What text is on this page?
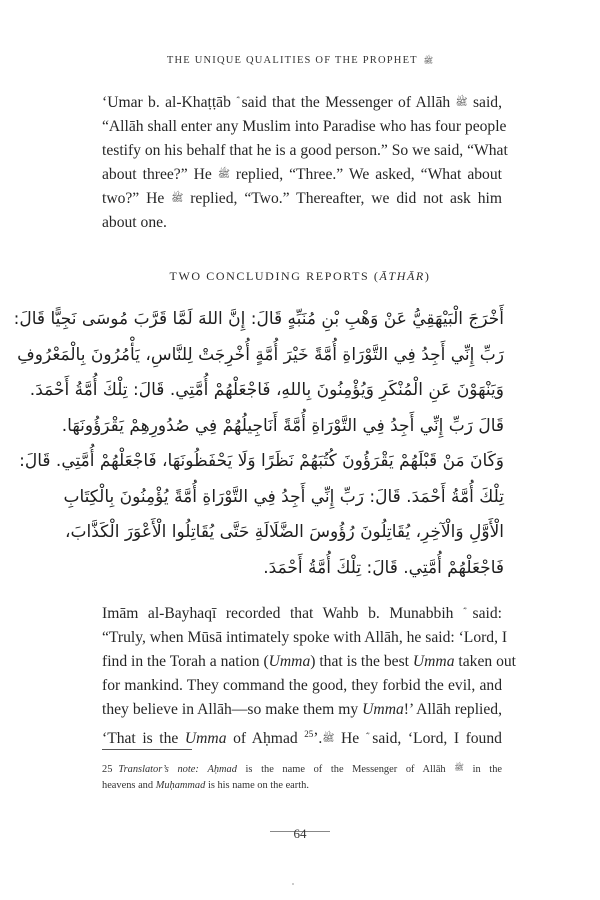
THE UNIQUE QUALITIES OF THE PROPHET ﷺ
‘Umar b. al-Khaṭṭāb said that the Messenger of Allāh ﷺ said,
“Allāh shall enter any Muslim into Paradise who has four people
testify on his behalf that he is a good person.” So we said, “What
about three?” He ﷺ replied, “Three.” We asked, “What about
two?” He ﷺ replied, “Two.” Thereafter, we did not ask him
about one.
TWO CONCLUDING REPORTS (ĀTHĀR)
أَخْرَجَ الْبَيْهَقِيُّ عَنْ وَهْبِ بْنِ مُنَبِّهٍ قَالَ: إِنَّ اللهَ لَمَّا قَرَّبَ مُوسَى نَجِيًّا قَالَ:
رَبِّ إِنِّي أَجِدُ فِي التَّوْرَاةِ أُمَّةً خَيْرَ أُمَّةٍ أُخْرِجَتْ لِلنَّاسِ، يَأْمُرُونَ بِالْمَعْرُوفِ
وَيَنْهَوْنَ عَنِ الْمُنْكَرِ وَيُؤْمِنُونَ بِاللهِ، فَاجْعَلْهُمْ أُمَّتِي. قَالَ: تِلْكَ أُمَّةُ أَحْمَدَ.
قَالَ رَبِّ إِنِّي أَجِدُ فِي التَّوْرَاةِ أُمَّةً أَنَاجِيلُهُمْ فِي صُدُورِهِمْ يَقْرَؤُونَهَا.
وَكَانَ مَنْ قَبْلَهُمْ يَقْرَؤُونَ كُتُبَهُمْ نَظَرًا وَلَا يَحْفَظُونَهَا، فَاجْعَلْهُمْ أُمَّتِي. قَالَ:
تِلْكَ أُمَّةُ أَحْمَدَ. قَالَ: رَبِّ إِنِّي أَجِدُ فِي التَّوْرَاةِ أُمَّةً يُؤْمِنُونَ بِالْكِتَابِ
الْأَوَّلِ وَالْآخِرِ، يُقَاتِلُونَ رُؤُوسَ الضَّلَالَةِ حَتَّى يُقَاتِلُوا الْأَعْوَرَ الْكَذَّابَ،
فَاجْعَلْهُمْ أُمَّتِي. قَالَ: تِلْكَ أُمَّةُ أَحْمَدَ.
Imām al-Bayhaqī recorded that Wahb b. Munabbih said:
“Truly, when Mūsā intimately spoke with Allāh, he said: ‘Lord, I
find in the Torah a nation (Umma) that is the best Umma taken out
for mankind. They command the good, they forbid the evil, and
they believe in Allāh—so make them my Umma!’ Allāh replied,
‘That is the Umma of Aḥmad ﷺ.’$^{25}$ He said, ‘Lord, I found
25 Translator’s note: Aḥmad is the name of the Messenger of Allāh ﷺ in the
heavens and Muḥammad is his name on the earth.
64
